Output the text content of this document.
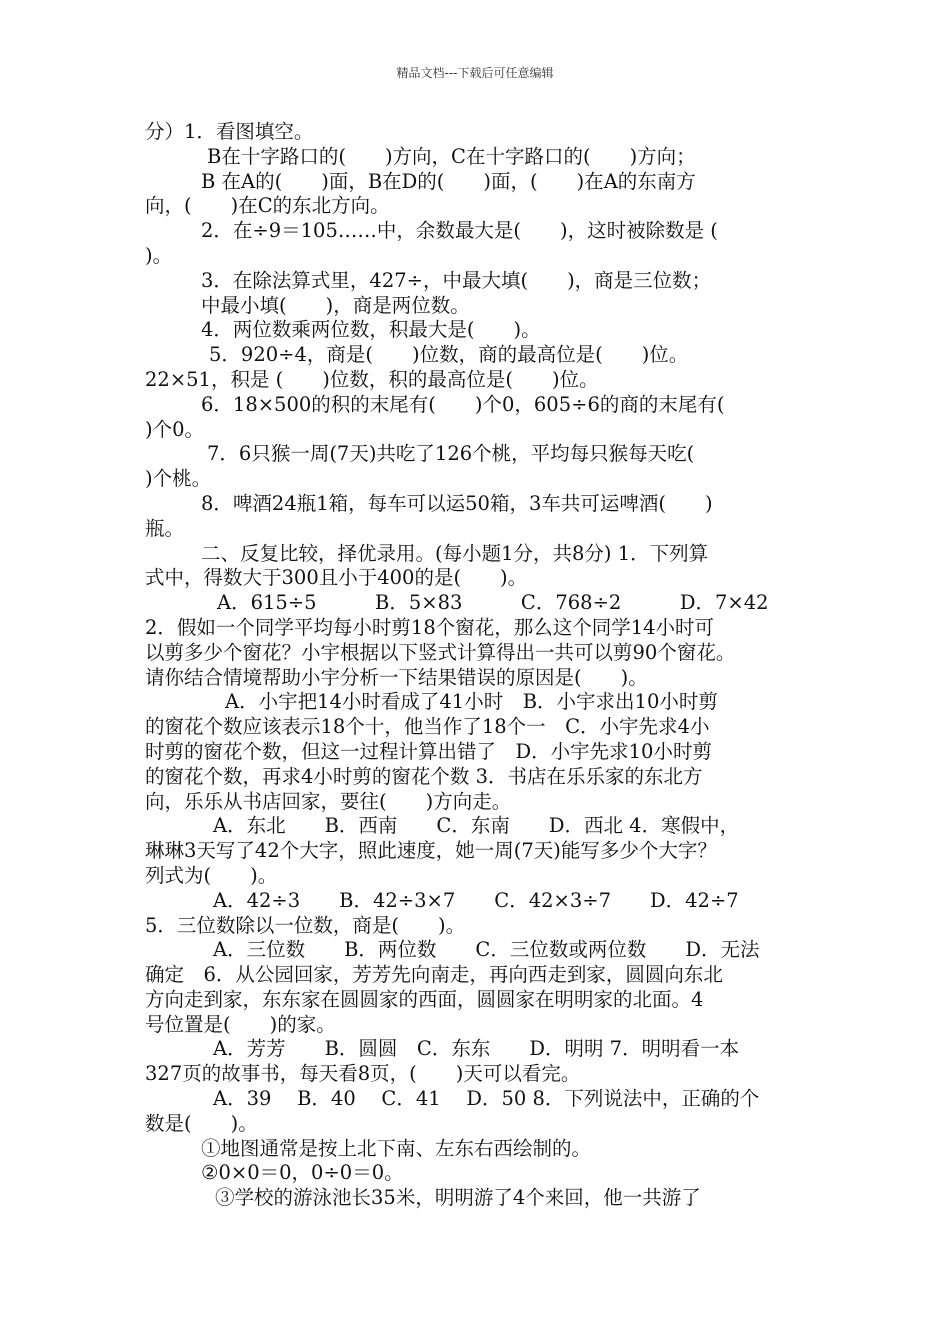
精品文档---下载后可任意编辑
分）1．看图填空。
B在十字路口的(　　)方向，C在十字路口的(　　)方向；
B 在A的(　　)面，B在D的(　　)面，(　　)在A的东南方
向，(　　)在C的东北方向。
2．在÷9＝105……中，余数最大是(　　)，这时被除数是 (
)。
3．在除法算式里，427÷，中最大填(　　)，商是三位数；
中最小填(　　)，商是两位数。
4．两位数乘两位数，积最大是(　　)。
5．920÷4，商是(　　)位数，商的最高位是(　　)位。
22×51，积是 (　　)位数，积的最高位是(　　)位。
6．18×500的积的末尾有(　　)个0，605÷6的商的末尾有(
)个0。
7．6只猴一周(7天)共吃了126个桃，平均每只猴每天吃(
)个桃。
8．啤酒24瓶1箱，每车可以运50箱，3车共可运啤酒(　　)
瓶。
二、反复比较，择优录用。(每小题1分，共8分) 1．下列算
式中，得数大于300且小于400的是(　　)。
A．615÷5　　　B．5×83　　　C．768÷2　　　D．7×42
2．假如一个同学平均每小时剪18个窗花，那么这个同学14小时可
以剪多少个窗花？小宇根据以下竖式计算得出一共可以剪90个窗花。
请你结合情境帮助小宇分析一下结果错误的原因是(　　)。
A．小宇把14小时看成了41小时　B．小宇求出10小时剪
的窗花个数应该表示18个十，他当作了18个一　C．小宇先求4小
时剪的窗花个数，但这一过程计算出错了　D．小宇先求10小时剪
的窗花个数，再求4小时剪的窗花个数 3．书店在乐乐家的东北方
向，乐乐从书店回家，要往(　　)方向走。
A．东北　　B．西南　　C．东南　　D．西北 4．寒假中，
琳琳3天写了42个大字，照此速度，她一周(7天)能写多少个大字？
列式为(　　)。
A．42÷3　　B．42÷3×7　　C．42×3÷7　　D．42÷7
5．三位数除以一位数，商是(　　)。
A．三位数　　B．两位数　　C．三位数或两位数　　D．无法
确定　6．从公园回家，芳芳先向南走，再向西走到家，圆圆向东北
方向走到家，东东家在圆圆家的西面，圆圆家在明明家的北面。4
号位置是(　　)的家。
A．芳芳　　B．圆圆　C．东东　　D．明明 7．明明看一本
327页的故事书，每天看8页，(　　)天可以看完。
A．39　 B．40　 C．41　 D．50 8．下列说法中，正确的个
数是(　　)。
①地图通常是按上北下南、左东右西绘制的。
②0×0＝0，0÷0＝0。
③学校的游泳池长35米，明明游了4个来回，他一共游了
